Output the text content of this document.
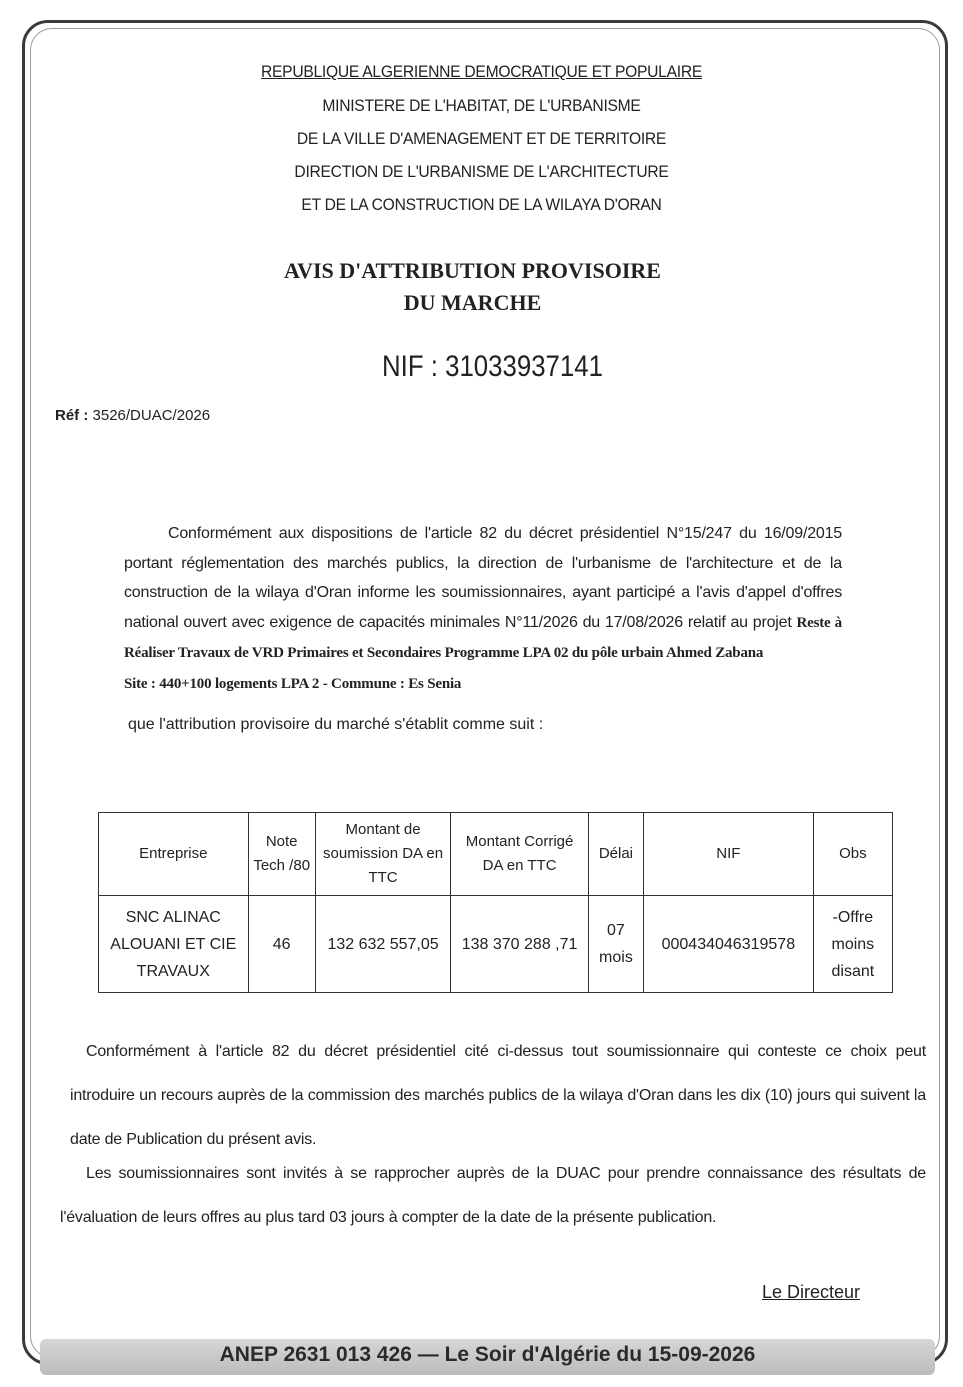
REPUBLIQUE ALGERIENNE DEMOCRATIQUE ET POPULAIRE
MINISTERE DE L'HABITAT, DE L'URBANISME
DE LA VILLE D'AMENAGEMENT ET DE TERRITOIRE
DIRECTION DE L'URBANISME DE L'ARCHITECTURE
ET DE LA CONSTRUCTION DE LA WILAYA D'ORAN
AVIS D'ATTRIBUTION PROVISOIRE
DU MARCHE
NIF : 31033937141
Réf : 3526/DUAC/2026
Conformément aux dispositions de l'article 82 du décret présidentiel N°15/247 du 16/09/2015 portant réglementation des marchés publics, la direction de l'urbanisme de l'architecture et de la construction de la wilaya d'Oran informe les soumissionnaires, ayant participé a l'avis d'appel d'offres national ouvert avec exigence de capacités minimales N°11/2026 du 17/08/2026 relatif au projet Reste à Réaliser Travaux de VRD Primaires et Secondaires Programme LPA 02 du pôle urbain Ahmed Zabana
Site : 440+100 logements LPA 2 - Commune : Es Senia
que l'attribution provisoire du marché s'établit comme suit :
Entreprise	Note Tech /80	Montant de soumission DA en TTC	Montant Corrigé DA en TTC	Délai	NIF	Obs
SNC ALINAC ALOUANI ET CIE TRAVAUX	46	132 632 557,05	138 370 288 ,71	07 mois	000434046319578	-Offre moins disant
Conformément à l'article 82 du décret présidentiel cité ci-dessus tout soumissionnaire qui conteste ce choix peut introduire un recours auprès de la commission des marchés publics de la wilaya d'Oran dans les dix (10) jours qui suivent la date de Publication du présent avis.
Les soumissionnaires sont invités à se rapprocher auprès de la DUAC pour prendre connaissance des résultats de l'évaluation de leurs offres au plus tard 03 jours à compter de la date de la présente publication.
Le Directeur
ANEP 2631 013 426 — Le Soir d'Algérie du 15-09-2026
